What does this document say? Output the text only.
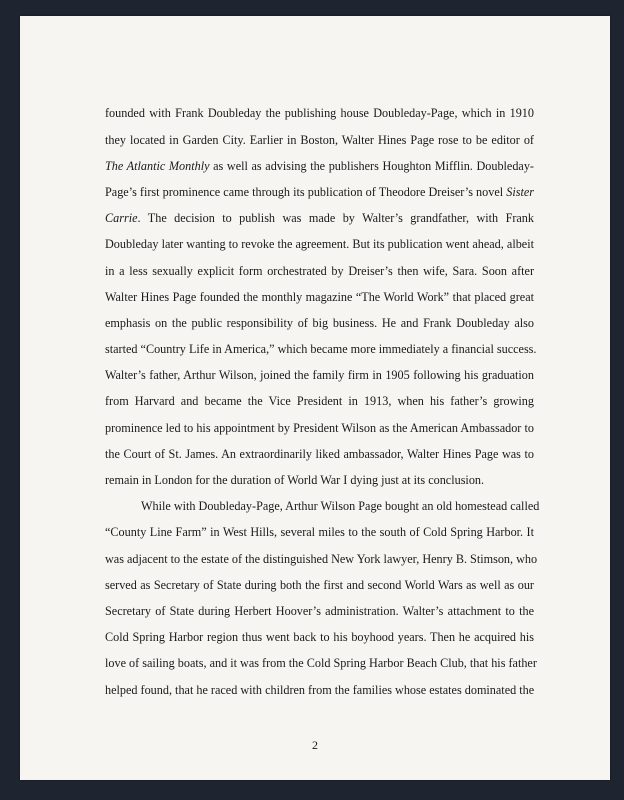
founded with Frank Doubleday the publishing house Doubleday-Page, which in 1910
they located in Garden City. Earlier in Boston, Walter Hines Page rose to be editor of
The Atlantic Monthly as well as advising the publishers Houghton Mifflin. Doubleday-
Page’s first prominence came through its publication of Theodore Dreiser’s novel Sister
Carrie. The decision to publish was made by Walter’s grandfather, with Frank
Doubleday later wanting to revoke the agreement. But its publication went ahead, albeit
in a less sexually explicit form orchestrated by Dreiser’s then wife, Sara. Soon after
Walter Hines Page founded the monthly magazine “The World Work” that placed great
emphasis on the public responsibility of big business. He and Frank Doubleday also
started “Country Life in America,” which became more immediately a financial success.
Walter’s father, Arthur Wilson, joined the family firm in 1905 following his graduation
from Harvard and became the Vice President in 1913, when his father’s growing
prominence led to his appointment by President Wilson as the American Ambassador to
the Court of St. James. An extraordinarily liked ambassador, Walter Hines Page was to
remain in London for the duration of World War I dying just at its conclusion.
While with Doubleday-Page, Arthur Wilson Page bought an old homestead called
“County Line Farm” in West Hills, several miles to the south of Cold Spring Harbor. It
was adjacent to the estate of the distinguished New York lawyer, Henry B. Stimson, who
served as Secretary of State during both the first and second World Wars as well as our
Secretary of State during Herbert Hoover’s administration. Walter’s attachment to the
Cold Spring Harbor region thus went back to his boyhood years. Then he acquired his
love of sailing boats, and it was from the Cold Spring Harbor Beach Club, that his father
helped found, that he raced with children from the families whose estates dominated the
2
